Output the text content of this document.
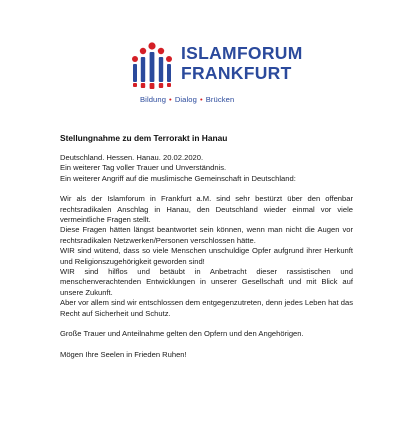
ISLAMFORUM
FRANKFURT
Bildung • Dialog • Brücken
Stellungnahme zu dem Terrorakt in Hanau

Deutschland. Hessen. Hanau. 20.02.2020.

Ein weiterer Tag voller Trauer und Unverständnis.

Ein weiterer Angriff auf die muslimische Gemeinschaft in Deutschland:

Wir als der Islamforum in Frankfurt a.M. sind sehr bestürzt über den offenbar rechtsradikalen Anschlag in Hanau, den Deutschland wieder einmal vor viele vermeintliche Fragen stellt.

Diese Fragen hätten längst beantwortet sein können, wenn man nicht die Augen vor rechtsradikalen Netzwerken/Personen verschlossen hätte.

WIR sind wütend, dass so viele Menschen unschuldige Opfer aufgrund ihrer Herkunft und Religionszugehörigkeit geworden sind!

WIR sind hilflos und betäubt in Anbetracht dieser rassistischen und menschenverachtenden Entwicklungen in unserer Gesellschaft und mit Blick auf unsere Zukunft.

Aber vor allem sind wir entschlossen dem entgegenzutreten, denn jedes Leben hat das Recht auf Sicherheit und Schutz.

Große Trauer und Anteilnahme gelten den Opfern und den Angehörigen.

Mögen Ihre Seelen in Frieden Ruhen!
